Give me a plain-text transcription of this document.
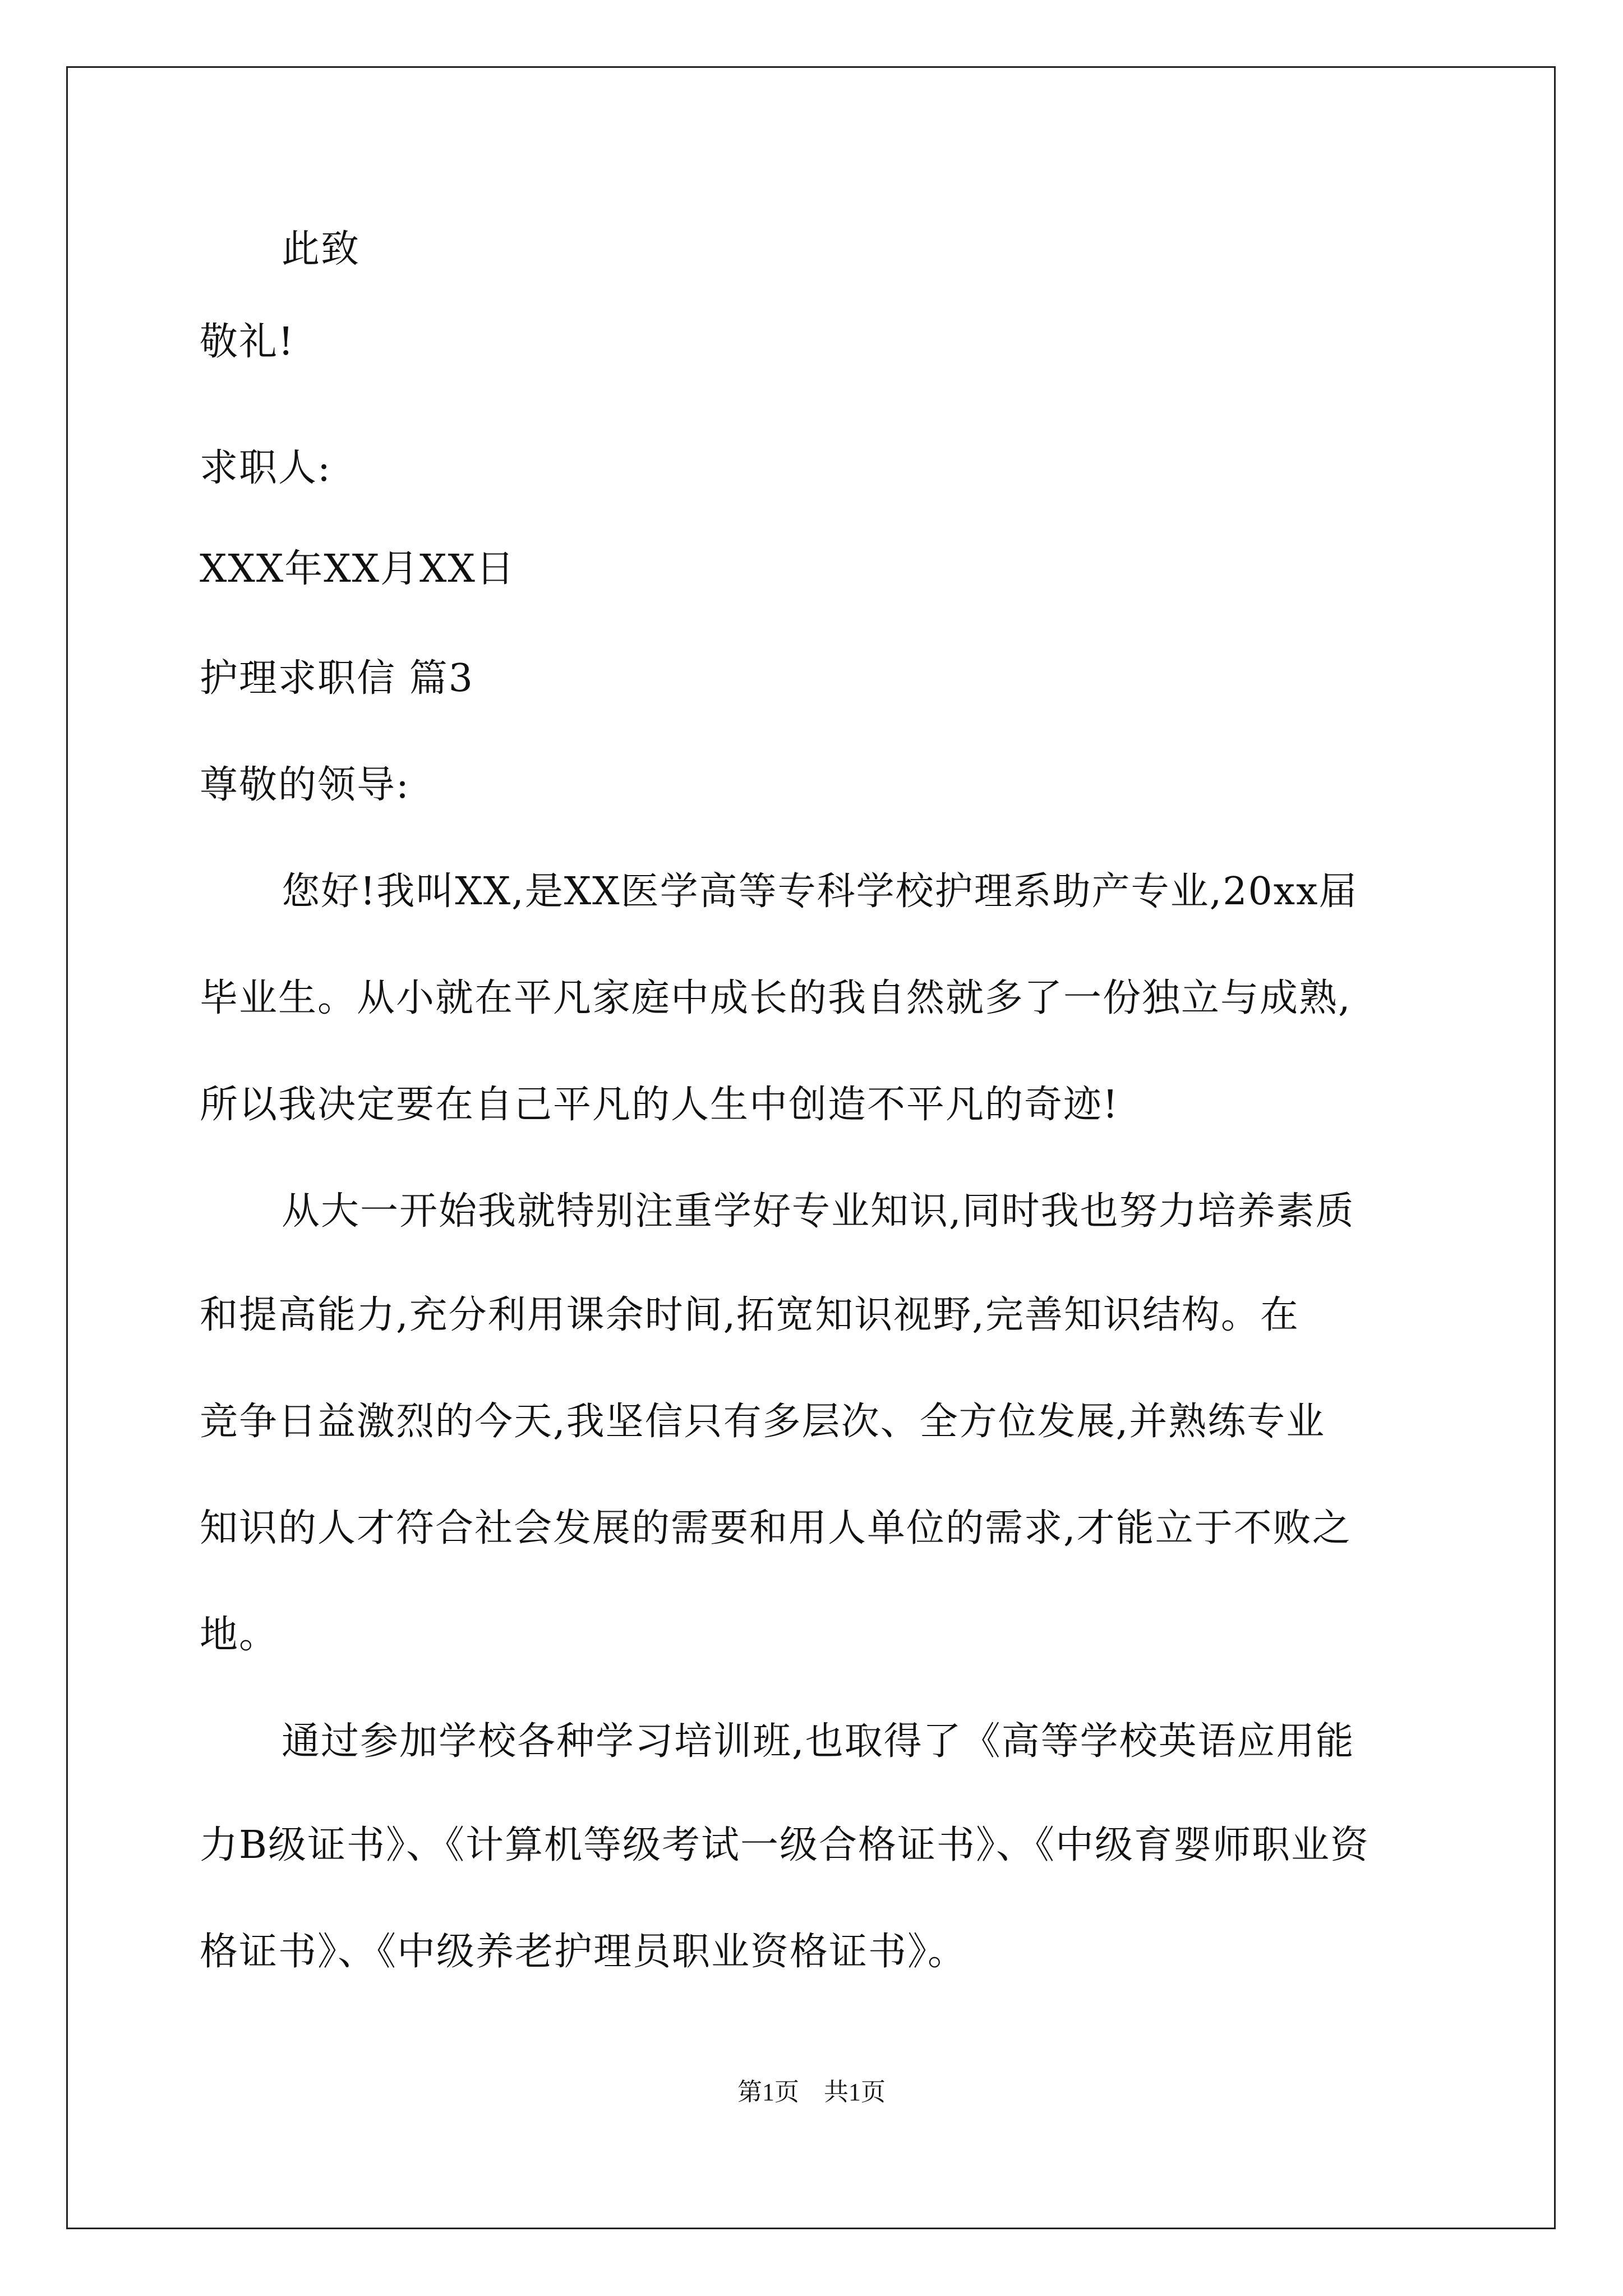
此致
敬礼!
求职人:
XXX年XX月XX日
护理求职信 篇3
尊敬的领导:
您好!我叫XX,是XX医学高等专科学校护理系助产专业,20xx届
毕业生。从小就在平凡家庭中成长的我自然就多了一份独立与成熟,
所以我决定要在自己平凡的人生中创造不平凡的奇迹!
从大一开始我就特别注重学好专业知识,同时我也努力培养素质
和提高能力,充分利用课余时间,拓宽知识视野,完善知识结构。在
竞争日益激烈的今天,我坚信只有多层次、全方位发展,并熟练专业
知识的人才符合社会发展的需要和用人单位的需求,才能立于不败之
地。
通过参加学校各种学习培训班,也取得了《高等学校英语应用能
力B级证书》、《计算机等级考试一级合格证书》、《中级育婴师职业资
格证书》、《中级养老护理员职业资格证书》。
第1页　共1页
